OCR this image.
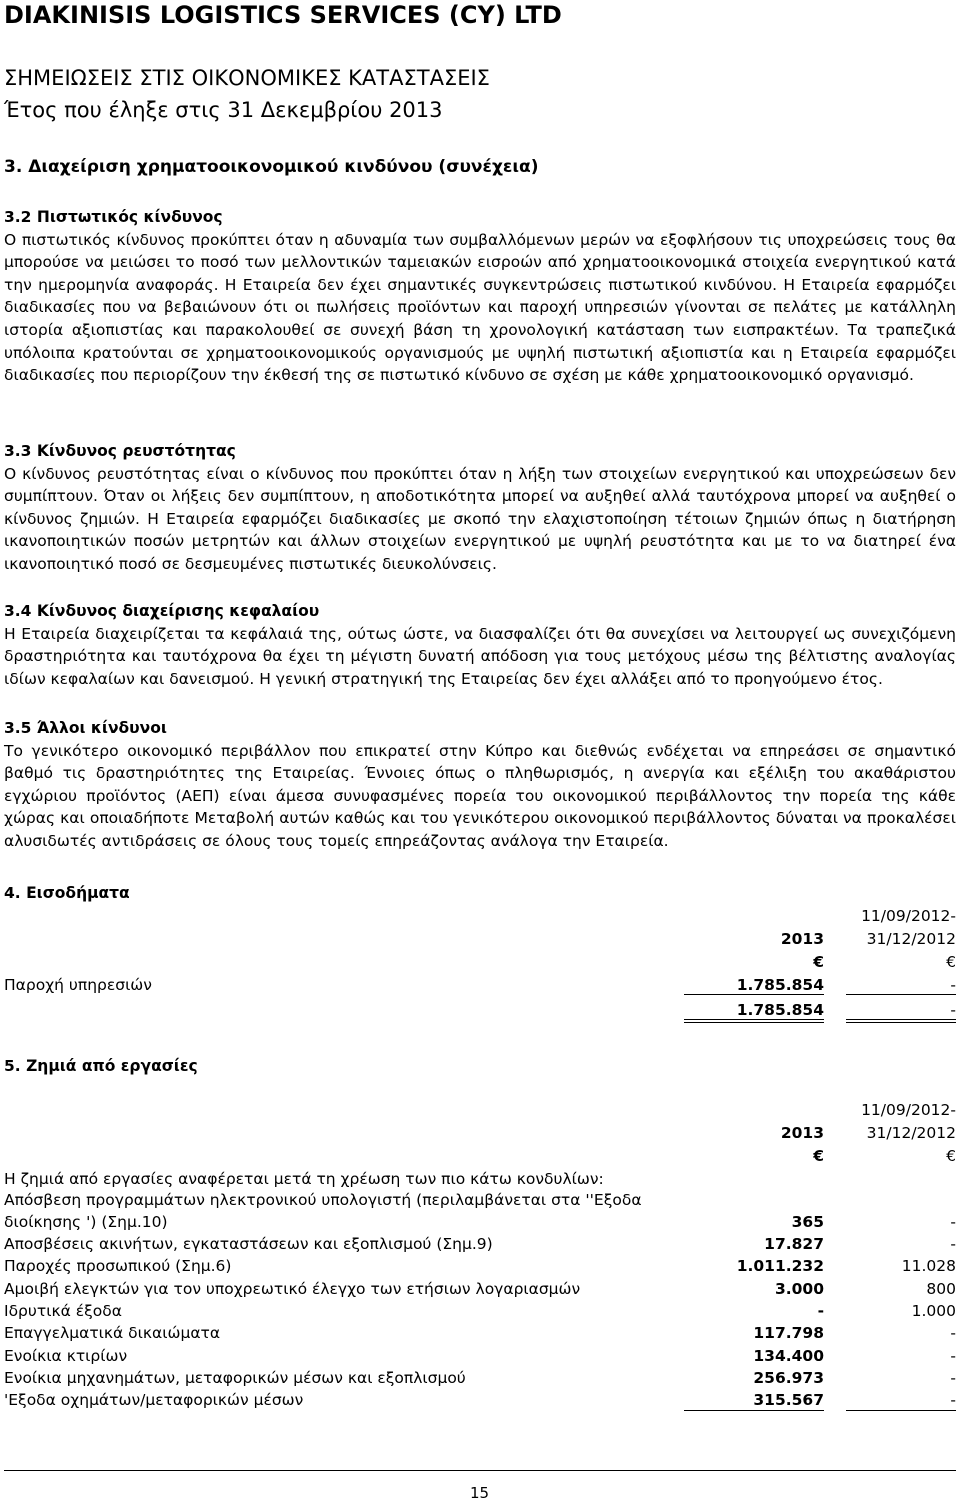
DIAKINISIS LOGISTICS SERVICES (CY) LTD
ΣΗΜΕΙΩΣΕΙΣ ΣΤΙΣ ΟΙΚΟΝΟΜΙΚΕΣ ΚΑΤΑΣΤΑΣΕΙΣ
Έτος που έληξε στις 31 Δεκεμβρίου 2013
3. Διαχείριση χρηματοοικονομικού κινδύνου (συνέχεια)

3.2 Πιστωτικός κίνδυνος

Ο πιστωτικός κίνδυνος προκύπτει όταν η αδυναμία των συμβαλλόμενων μερών να εξοφλήσουν τις υποχρεώσεις τους θα μπορούσε να μειώσει το ποσό των μελλοντικών ταμειακών εισροών από χρηματοοικονομικά στοιχεία ενεργητικού κατά την ημερομηνία αναφοράς. Η Εταιρεία δεν έχει σημαντικές συγκεντρώσεις πιστωτικού κινδύνου. Η Εταιρεία εφαρμόζει διαδικασίες που να βεβαιώνουν ότι οι πωλήσεις προϊόντων και παροχή υπηρεσιών γίνονται σε πελάτες με κατάλληλη ιστορία αξιοπιστίας και παρακολουθεί σε συνεχή βάση τη χρονολογική κατάσταση των εισπρακτέων. Τα τραπεζικά υπόλοιπα κρατούνται σε χρηματοοικονομικούς οργανισμούς με υψηλή πιστωτική αξιοπιστία και η Εταιρεία εφαρμόζει διαδικασίες που περιορίζουν την έκθεσή της σε πιστωτικό κίνδυνο σε σχέση με κάθε χρηματοοικονομικό οργανισμό.

3.3 Κίνδυνος ρευστότητας

Ο κίνδυνος ρευστότητας είναι ο κίνδυνος που προκύπτει όταν η λήξη των στοιχείων ενεργητικού και υποχρεώσεων δεν συμπίπτουν. Όταν οι λήξεις δεν συμπίπτουν, η αποδοτικότητα μπορεί να αυξηθεί αλλά ταυτόχρονα μπορεί να αυξηθεί ο κίνδυνος ζημιών. Η Εταιρεία εφαρμόζει διαδικασίες με σκοπό την ελαχιστοποίηση τέτοιων ζημιών όπως η διατήρηση ικανοποιητικών ποσών μετρητών και άλλων στοιχείων ενεργητικού με υψηλή ρευστότητα και με το να διατηρεί ένα ικανοποιητικό ποσό σε δεσμευμένες πιστωτικές διευκολύνσεις.

3.4 Κίνδυνος διαχείρισης κεφαλαίου

Η Εταιρεία διαχειρίζεται τα κεφάλαιά της, ούτως ώστε, να διασφαλίζει ότι θα συνεχίσει να λειτουργεί ως συνεχιζόμενη δραστηριότητα και ταυτόχρονα θα έχει τη μέγιστη δυνατή απόδοση για τους μετόχους μέσω της βέλτιστης αναλογίας ιδίων κεφαλαίων και δανεισμού. Η γενική στρατηγική της Εταιρείας δεν έχει αλλάξει από το προηγούμενο έτος.

3.5 Άλλοι κίνδυνοι

Το γενικότερο οικονομικό περιβάλλον που επικρατεί στην Κύπρο και διεθνώς ενδέχεται να επηρεάσει σε σημαντικό βαθμό τις δραστηριότητες της Εταιρείας. Έννοιες όπως ο πληθωρισμός, η ανεργία και εξέλιξη του ακαθάριστου εγχώριου προϊόντος (ΑΕΠ) είναι άμεσα συνυφασμένες πορεία του οικονομικού περιβάλλοντος την πορεία της κάθε χώρας και οποιαδήποτε Μεταβολή αυτών καθώς και του γενικότερου οικονομικού περιβάλλοντος δύναται να προκαλέσει αλυσιδωτές αντιδράσεις σε όλους τους τομείς επηρεάζοντας ανάλογα την Εταιρεία.

4. Εισοδήματα
11/09/2012-
2013	31/12/2012
€	€
Παροχή υπηρεσιών	1.785.854	-
1.785.854	-
5. Ζημιά από εργασίες
11/09/2012-
2013	31/12/2012
€	€
Η ζημιά από εργασίες αναφέρεται μετά τη χρέωση των πιο κάτω κονδυλίων:
Απόσβεση προγραμμάτων ηλεκτρονικού υπολογιστή (περιλαμβάνεται στα ''Εξοδα
διοίκησης ') (Σημ.10)	365	-
Αποσβέσεις ακινήτων, εγκαταστάσεων και εξοπλισμού (Σημ.9)	17.827	-
Παροχές προσωπικού (Σημ.6)	1.011.232	11.028
Αμοιβή ελεγκτών για τον υποχρεωτικό έλεγχο των ετήσιων λογαριασμών	3.000	800
Ιδρυτικά έξοδα	-	1.000
Επαγγελματικά δικαιώματα	117.798	-
Ενοίκια κτιρίων	134.400	-
Ενοίκια μηχανημάτων, μεταφορικών μέσων και εξοπλισμού	256.973	-
'Εξοδα οχημάτων/μεταφορικών μέσων	315.567	-
15
